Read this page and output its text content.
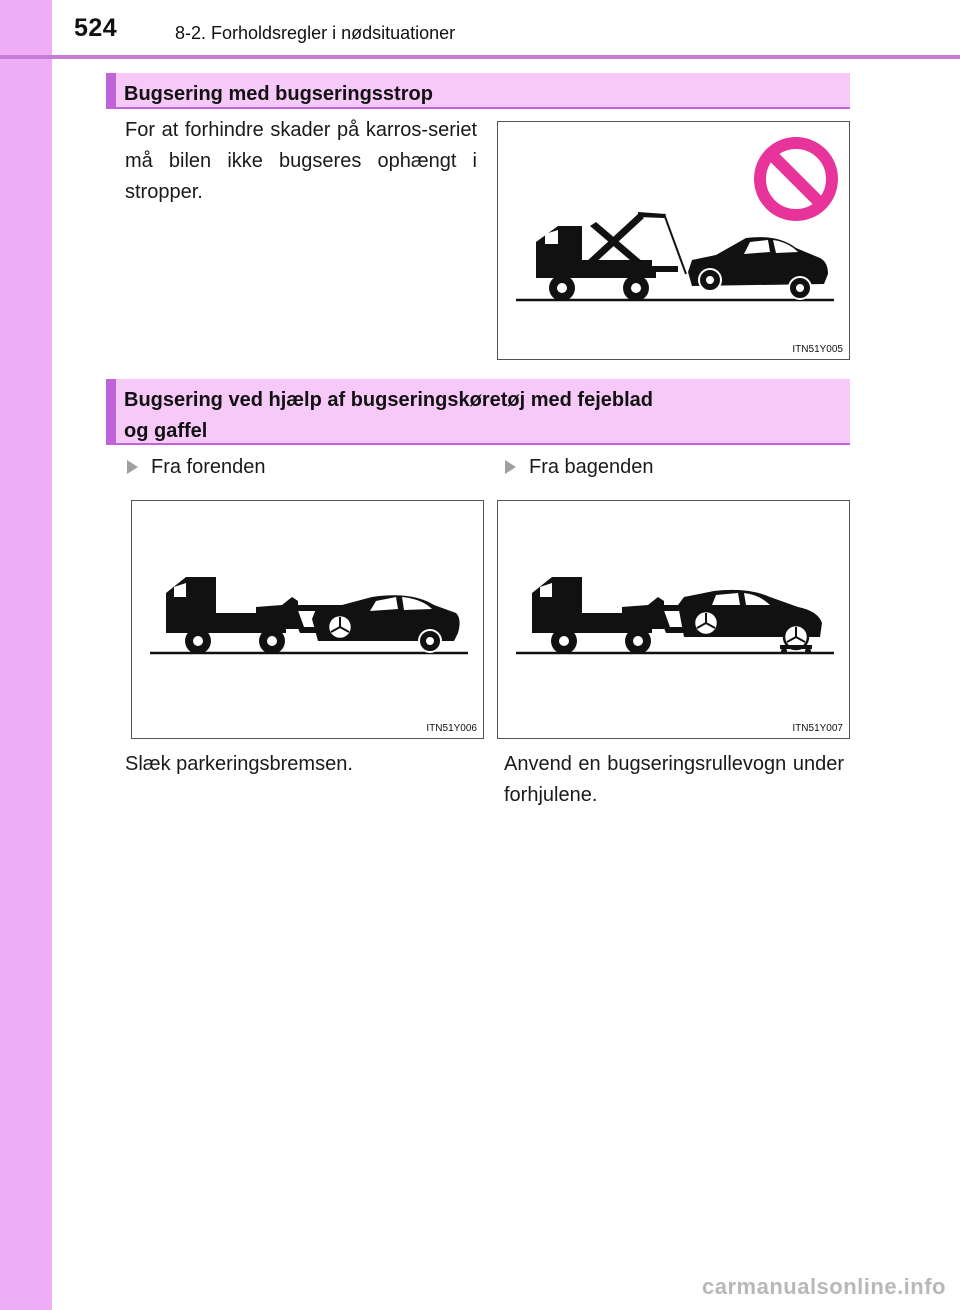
524	8-2. Forholdsregler i nødsituationer
Bugsering med bugseringsstrop
For at forhindre skader på karros-seriet må bilen ikke bugseres ophængt i stropper.
ITN51Y005
Bugsering ved hjælp af bugseringskøretøj med fejeblad
og gaffel
Fra forenden	Fra bagenden
ITN51Y006	ITN51Y007
Slæk parkeringsbremsen.	Anvend en bugseringsrullevogn under forhjulene.
carmanualsonline.info
